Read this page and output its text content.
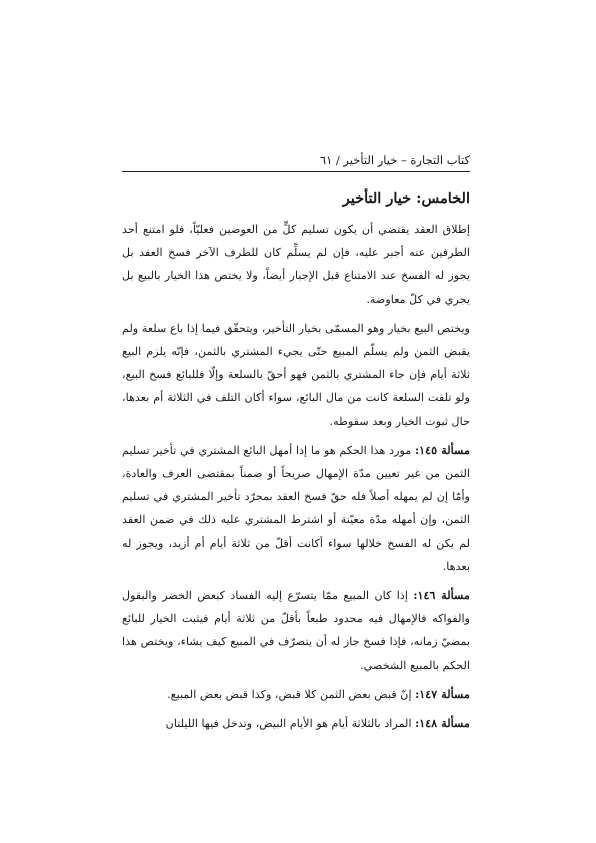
كتاب التجارة – خيار التأخير / ٦١
الخامس: خيار التأخير

إطلاق العقد يقتضي أن يكون تسليم كلٍّ من العوضين فعليّاً، فلو امتنع أحد الطرفين عنه أجبر عليه، فإن لم يسلِّم كان للطرف الآخر فسخ العقد بل يجوز له الفسخ عند الامتناع قبل الإجبار أيضاً، ولا يختص هذا الخيار بالبيع بل يجري في كلّ معاوضة.

ويختص البيع بخيار وهو المسمّى بخيار التأخير، ويتحقّق فيما إذا باع سلعة ولم يقبض الثمن ولم يسلّم المبيع حتّى يجيء المشتري بالثمن، فإنّه يلزم البيع ثلاثة أيام فإن جاء المشتري بالثمن فهو أحقّ بالسلعة وإلّا فللبائع فسخ البيع، ولو تلفت السلعة كانت من مال البائع، سواء أكان التلف في الثلاثة أم بعدها، حال ثبوت الخيار وبعد سقوطه.

مسألة ١٤٥: مورد هذا الحكم هو ما إذا أمهل البائع المشتري في تأخير تسليم الثمن من غير تعيين مدّة الإمهال صريحاً أو ضمناً بمقتضى العرف والعادة، وأمّا إن لم يمهله أصلاً فله حقّ فسخ العقد بمجرّد تأخير المشتري في تسليم الثمن، وإن أمهله مدّة معيّنة أو اشترط المشتري عليه ذلك في ضمن العقد لم يكن له الفسخ خلالها سواء أكانت أقلّ من ثلاثة أيام أم أزيد، ويجوز له بعدها.

مسألة ١٤٦: إذا كان المبيع ممّا يتسرّع إليه الفساد كبعض الخضر والبقول والفواكه فالإمهال فيه محدود طبعاً بأقلّ من ثلاثة أيام فيثبت الخيار للبائع بمضيّ زمانه، فإذا فسخ جاز له أن يتصرّف في المبيع كيف يشاء، ويختص هذا الحكم بالمبيع الشخصي.

مسألة ١٤٧: إنّ قبض بعض الثمن كلا قبض، وكذا قبض بعض المبيع.

مسألة ١٤٨: المراد بالثلاثة أيام هو الأيام البيض، وتدخل فيها الليلتان
